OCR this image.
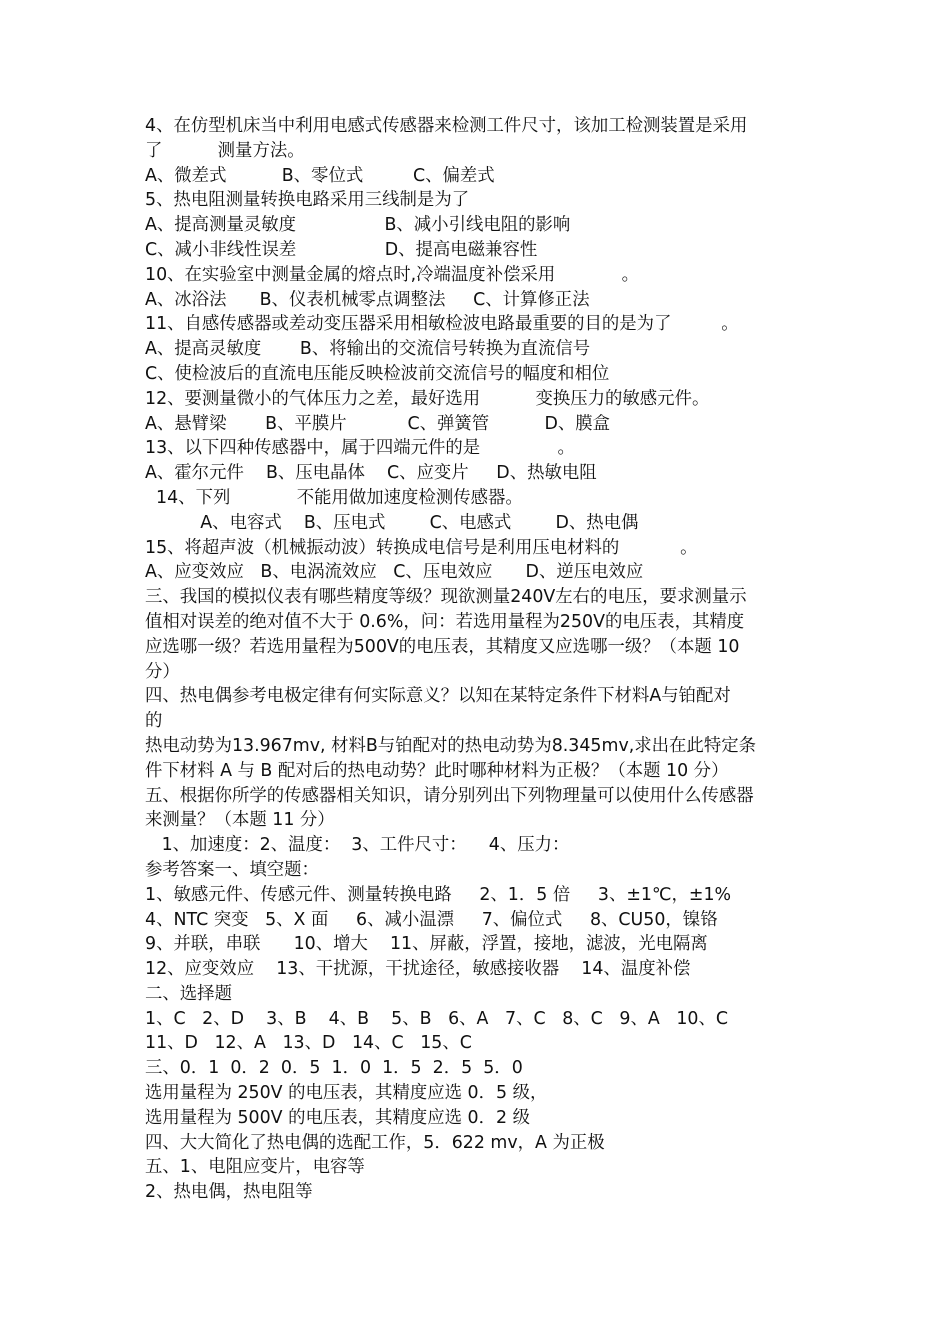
4、在仿型机床当中利用电感式传感器来检测工件尺寸，该加工检测装置是采用
了          测量方法。
A、微差式          B、零位式         C、偏差式
5、热电阻测量转换电路采用三线制是为了
A、提高测量灵敏度                B、减小引线电阻的影响
C、减小非线性误差                D、提高电磁兼容性
10、在实验室中测量金属的熔点时,冷端温度补偿采用            。
A、冰浴法      B、仪表机械零点调整法     C、计算修正法
11、自感传感器或差动变压器采用相敏检波电路最重要的目的是为了         。
A、提高灵敏度       B、将输出的交流信号转换为直流信号
C、使检波后的直流电压能反映检波前交流信号的幅度和相位
12、要测量微小的气体压力之差，最好选用          变换压力的敏感元件。
A、悬臂梁       B、平膜片           C、弹簧管          D、膜盒
13、以下四种传感器中，属于四端元件的是              。
A、霍尔元件    B、压电晶体    C、应变片     D、热敏电阻
14、下列            不能用做加速度检测传感器。
A、电容式    B、压电式        C、电感式        D、热电偶
15、将超声波（机械振动波）转换成电信号是利用压电材料的           。
A、应变效应   B、电涡流效应   C、压电效应      D、逆压电效应
三、我国的模拟仪表有哪些精度等级？现欲测量240V左右的电压，要求测量示
值相对误差的绝对值不大于 0.6%，问：若选用量程为250V的电压表，其精度
应选哪一级？若选用量程为500V的电压表，其精度又应选哪一级？（本题 10
分）
四、热电偶参考电极定律有何实际意义？以知在某特定条件下材料A与铂配对
的
热电动势为13.967mv, 材料B与铂配对的热电动势为8.345mv,求出在此特定条
件下材料 A 与 B 配对后的热电动势？此时哪种材料为正极？（本题 10 分）
五、根据你所学的传感器相关知识，请分别列出下列物理量可以使用什么传感器
来测量？（本题 11 分）
1、加速度：2、温度：  3、工件尺寸：    4、压力：
参考答案一、填空题：
1、敏感元件、传感元件、测量转换电路     2、1．5 倍     3、±1℃，±1%
4、NTC 突变   5、X 面     6、减小温漂     7、偏位式     8、CU50，镍铬
9、并联，串联      10、增大    11、屏蔽，浮置，接地，滤波，光电隔离
12、应变效应    13、干扰源，干扰途径，敏感接收器    14、温度补偿
二、选择题
1、C   2、D    3、B    4、B    5、B   6、A   7、C   8、C   9、A   10、C
11、D   12、A   13、D   14、C   15、C
三、0．1  0．2  0．5  1．0  1．5  2．5  5．0
选用量程为 250V 的电压表，其精度应选 0．5 级，
选用量程为 500V 的电压表，其精度应选 0．2 级
四、大大简化了热电偶的选配工作，5．622 mv，A 为正极
五、1、电阻应变片，电容等
2、热电偶，热电阻等
